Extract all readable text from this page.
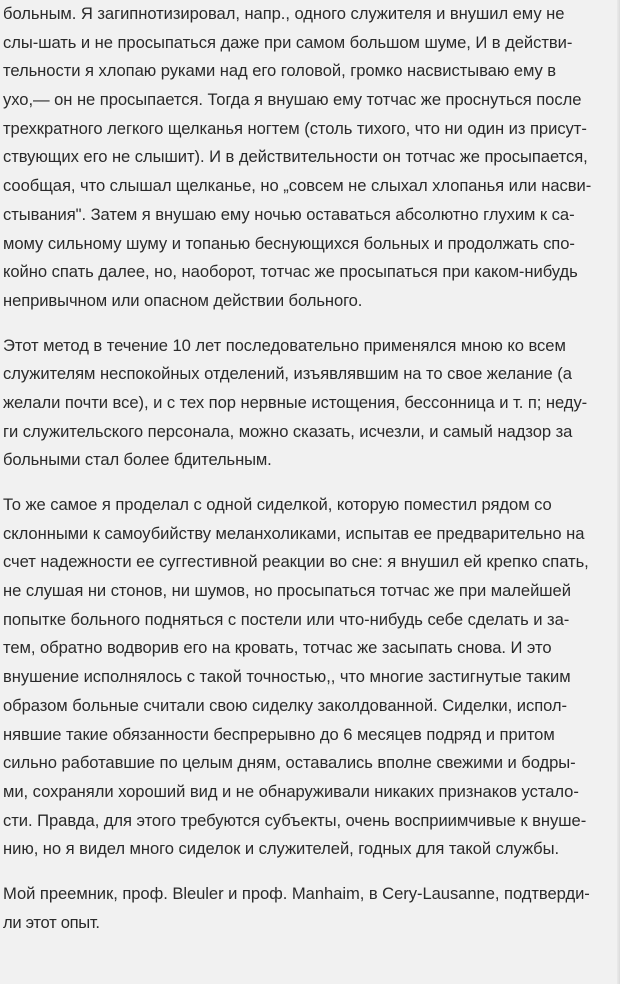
больным. Я загипнотизировал, напр., одного служителя и внушил ему не
слы-шать и не просыпаться даже при самом большом шуме, И в действи-
тельности я хлопаю руками над его головой, громко насвистываю ему в
ухо,— он не просыпается. Тогда я внушаю ему тотчас же проснуться после
трехкратного легкого щелканья ногтем (столь тихого, что ни один из присут-
ствующих его не слышит). И в действительности он тотчас же просыпается,
сообщая, что слышал щелканье, но „совсем не слыхал хлопанья или насви-
стывания". Затем я внушаю ему ночью оставаться абсолютно глухим к са-
мому сильному шуму и топанью беснующихся больных и продолжать спо-
койно спать далее, но, наоборот, тотчас же просыпаться при каком-нибудь
непривычном или опасном действии больного.
Этот метод в течение 10 лет последовательно применялся мною ко всем
служителям неспокойных отделений, изъявлявшим на то свое желание (а
желали почти все), и с тех пор нервные истощения, бессонница и т. п; неду-
ги служительского персонала, можно сказать, исчезли, и самый надзор за
больными стал более бдительным.
То же самое я проделал с одной сиделкой, которую поместил рядом со
склонными к самоубийству меланхоликами, испытав ее предварительно на
счет надежности ее суггестивной реакции во сне: я внушил ей крепко спать,
не слушая ни стонов, ни шумов, но просыпаться тотчас же при малейшей
попытке больного подняться с постели или что-нибудь себе сделать и за-
тем, обратно водворив его на кровать, тотчас же засыпать снова. И это
внушение исполнялось с такой точностью,, что многие застигнутые таким
образом больные считали свою сиделку заколдованной. Сиделки, испол-
нявшие такие обязанности беспрерывно до 6 месяцев подряд и притом
сильно работавшие по целым дням, оставались вполне свежими и бодры-
ми, сохраняли хороший вид и не обнаруживали никаких признаков устало-
сти. Правда, для этого требуются субъекты, очень восприимчивые к внуше-
нию, но я видел много сиделок и служителей, годных для такой службы.
Мой преемник, проф. Bleuler и проф. Manhaim, в Cery-Lausanne, подтверди-
ли этот опыт.
